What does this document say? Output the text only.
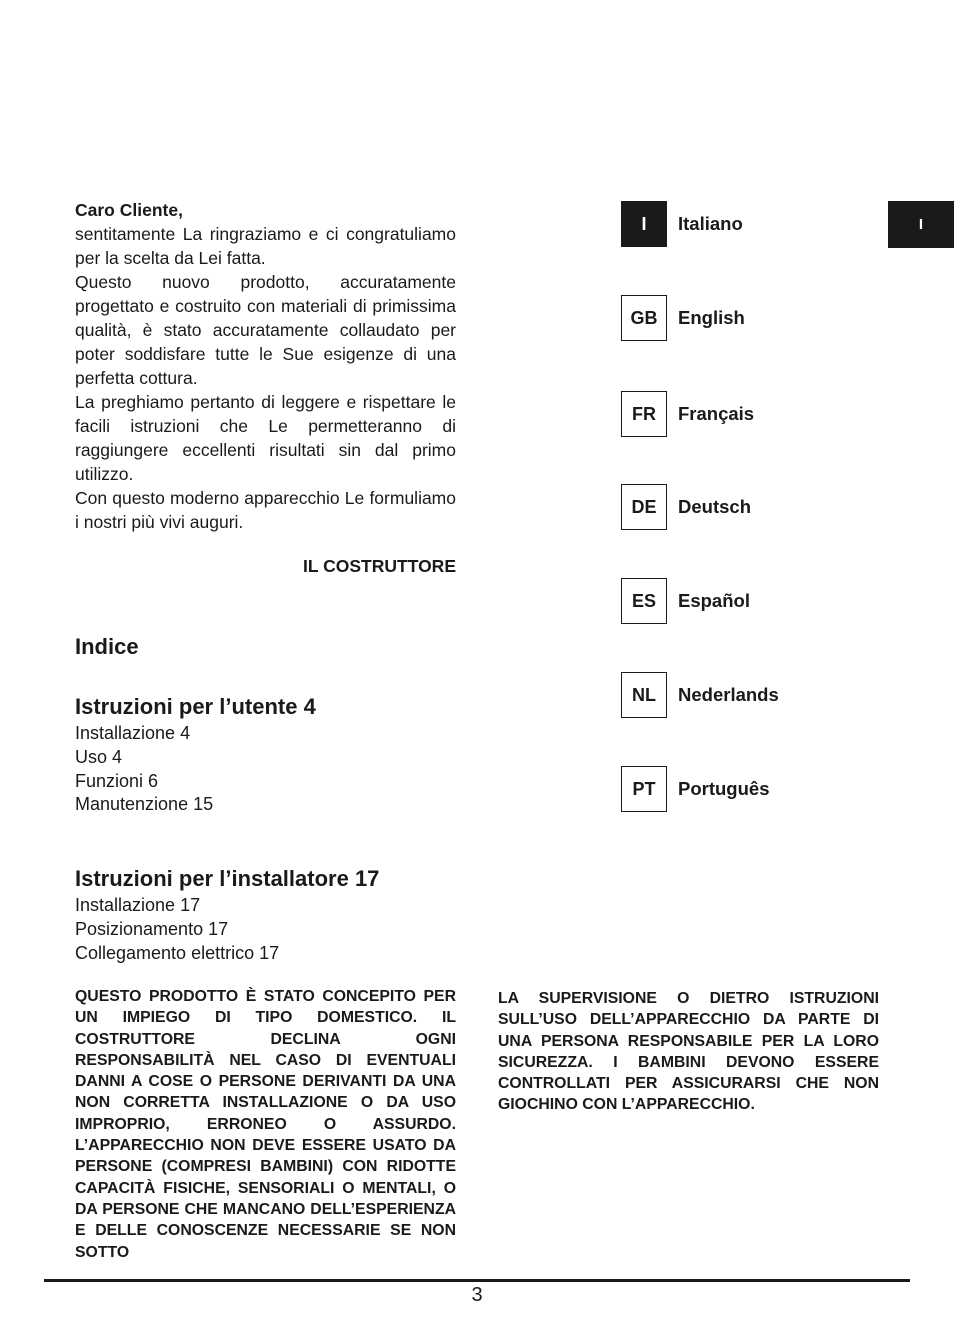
Caro Cliente,

sentitamente La ringraziamo e ci congratuliamo per la scelta da Lei fatta.

Questo nuovo prodotto, accuratamente progettato e costruito con materiali di primissima qualità, è stato accuratamente collaudato per poter soddisfare tutte le Sue esigenze di una perfetta cottura.

La preghiamo pertanto di leggere e rispettare le facili istruzioni che Le permetteranno di raggiungere eccellenti risultati sin dal primo utilizzo.

Con questo moderno apparecchio Le formuliamo i nostri più vivi auguri.

IL COSTRUTTORE
Indice
Istruzioni per l’utente 4
Installazione 4
Uso 4
Funzioni 6
Manutenzione 15
Istruzioni per l’installatore 17
Installazione 17
Posizionamento 17
Collegamento elettrico 17
QUESTO PRODOTTO È STATO CONCEPITO PER UN IMPIEGO DI TIPO DOMESTICO. IL COSTRUTTORE DECLINA OGNI RESPONSABILITÀ NEL CASO DI EVENTUALI DANNI A COSE O PERSONE DERIVANTI DA UNA NON CORRETTA INSTALLAZIONE O DA USO IMPROPRIO, ERRONEO O ASSURDO. L’APPARECCHIO NON DEVE ESSERE USATO DA PERSONE (COMPRESI BAMBINI) CON RIDOTTE CAPACITÀ FISICHE, SENSORIALI O MENTALI, O DA PERSONE CHE MANCANO DELL’ESPERIENZA E DELLE CONOSCENZE NECESSARIE SE NON SOTTO
LA SUPERVISIONE O DIETRO ISTRUZIONI SULL’USO DELL’APPARECCHIO DA PARTE DI UNA PERSONA RESPONSABILE PER LA LORO SICUREZZA. I BAMBINI DEVONO ESSERE CONTROLLATI PER ASSICURARSI CHE NON GIOCHINO CON L’APPARECCHIO.
I	Italiano
GB	English
FR	Français
DE	Deutsch
ES	Español
NL	Nederlands
PT	Português
I
3
